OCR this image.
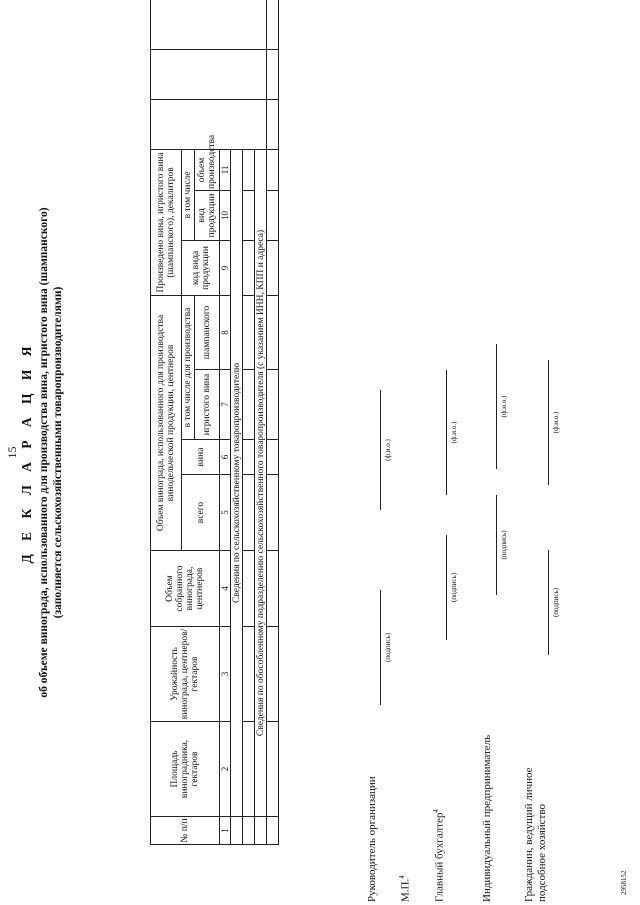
15 Д Е К Л А Р А Ц И Я об объеме винограда, использованного для производства вина, игристого вина (шампанского) (заполняется сельскохозяйственными товаропроизводителями)
№ п/п	Площадь виноградника, гектаров	Урожайность винограда, центнеров/ гектаров	Объем собранного винограда, центнеров	Объем винограда, использованного для производства винодельческой продукции, центнеров				Произведено вина, игристого вина (шампанского), декалитров					
				всего	вина	в том числе для производства		код вида продукции	в том числе				
						игристого вина	шампанского		вид продукции	объем производства			
1	2	3	4	5	6	7	8	9	10	11			
	Сведения по сельскохозяйственному товаропроизводителю												

	Сведения по обособленному подразделению сельскохозяйственного товаропроизводителя (с указанием ИНН, КПП и адреса)												

Руководитель организации
(подпись)
(ф.и.о.)
М.П.$^4$	Главный бухгалтер$^4$
(подпись)
(ф.и.о.)
Индивидуальный предприниматель
(подпись)
(ф.и.о.)
Гражданин, ведущий личное подсобное хозяйство
(подпись)
(ф.и.о.)
2958152
